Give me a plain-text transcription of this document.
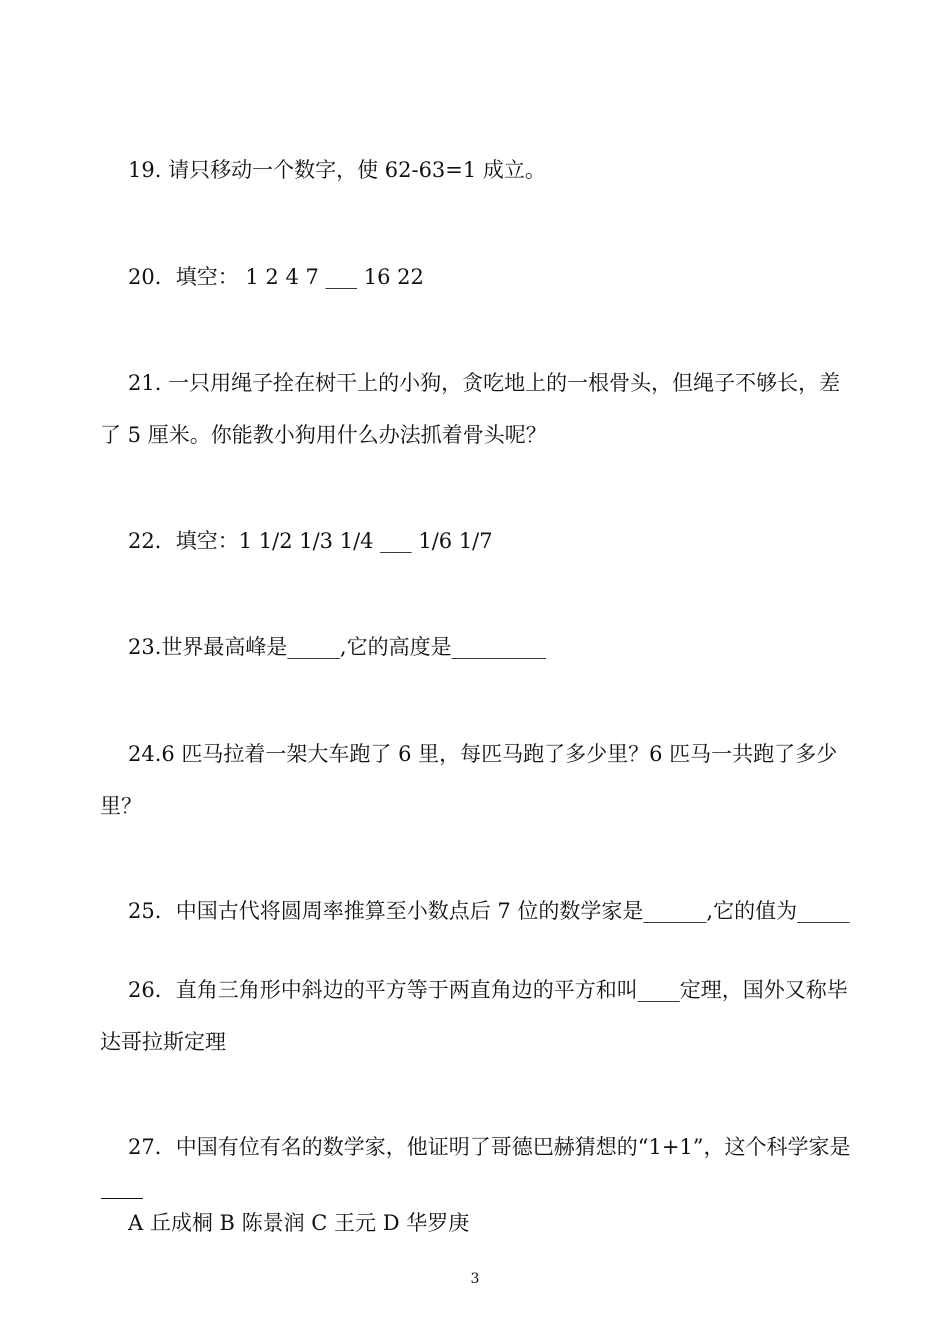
19. 请只移动一个数字，使 62-63=1 成立。
20．填空： 1 2 4 7 ___ 16 22
21. 一只用绳子拴在树干上的小狗，贪吃地上的一根骨头，但绳子不够长，差了 5 厘米。你能教小狗用什么办法抓着骨头呢？
22．填空：1 1/2 1/3 1/4 ___ 1/6 1/7
23.世界最高峰是_____,它的高度是_________
24.6 匹马拉着一架大车跑了 6 里，每匹马跑了多少里？6 匹马一共跑了多少里？
25．中国古代将圆周率推算至小数点后 7 位的数学家是______,它的值为_____
26．直角三角形中斜边的平方等于两直角边的平方和叫____定理，国外又称毕达哥拉斯定理
27．中国有位有名的数学家，他证明了哥德巴赫猜想的“1+1”，这个科学家是
A 丘成桐 B 陈景润 C 王元 D 华罗庚
3
